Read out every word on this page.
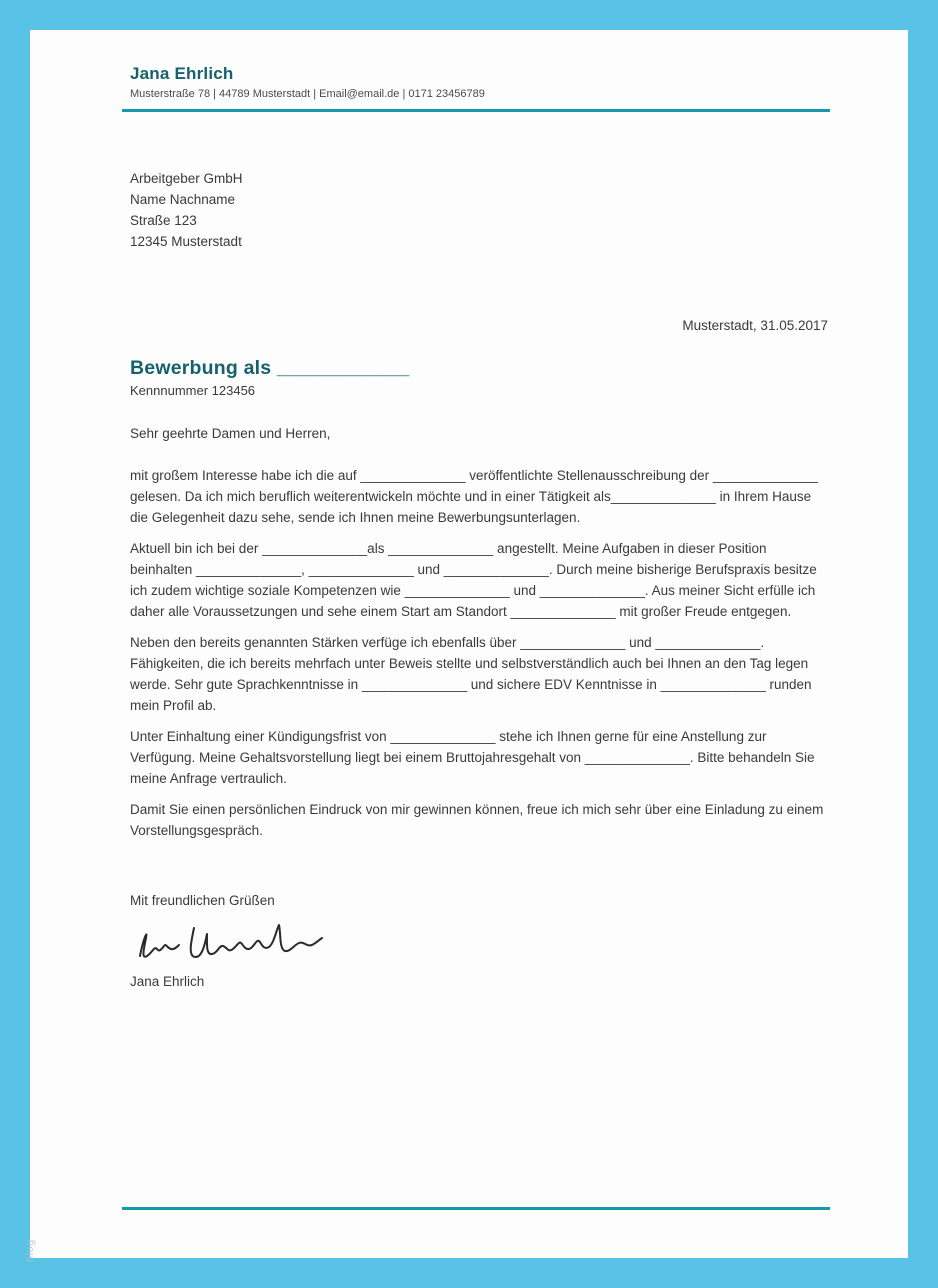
Jana Ehrlich
Musterstraße 78 | 44789 Musterstadt | Email@email.de | 0171 23456789
Arbeitgeber GmbH
Name Nachname
Straße 123
12345 Musterstadt
Musterstadt, 31.05.2017
Bewerbung als ____________
Kennnummer 123456
Sehr geehrte Damen und Herren,

mit großem Interesse habe ich die auf ______________ veröffentlichte Stellenausschreibung der ______________ gelesen. Da ich mich beruflich weiterentwickeln möchte und in einer Tätigkeit als______________ in Ihrem Hause die Gelegenheit dazu sehe, sende ich Ihnen meine Bewerbungsunterlagen.

Aktuell bin ich bei der ______________als ______________ angestellt. Meine Aufgaben in dieser Position beinhalten ______________, ______________ und ______________. Durch meine bisherige Berufspraxis besitze ich zudem wichtige soziale Kompetenzen wie ______________ und ______________. Aus meiner Sicht erfülle ich daher alle Voraussetzungen und sehe einem Start am Standort ______________ mit großer Freude entgegen.

Neben den bereits genannten Stärken verfüge ich ebenfalls über ______________ und ______________. Fähigkeiten, die ich bereits mehrfach unter Beweis stellte und selbstverständlich auch bei Ihnen an den Tag legen werde. Sehr gute Sprachkenntnisse in ______________ und sichere EDV Kenntnisse in ______________ runden mein Profil ab.

Unter Einhaltung einer Kündigungsfrist von ______________ stehe ich Ihnen gerne für eine Anstellung zur Verfügung. Meine Gehaltsvorstellung liegt bei einem Bruttojahresgehalt von ______________. Bitte behandeln Sie meine Anfrage vertraulich.

Damit Sie einen persönlichen Eindruck von mir gewinnen können, freue ich mich sehr über eine Einladung zu einem Vorstellungsgespräch.

Mit freundlichen Grüßen
Jana Ehrlich
blog
